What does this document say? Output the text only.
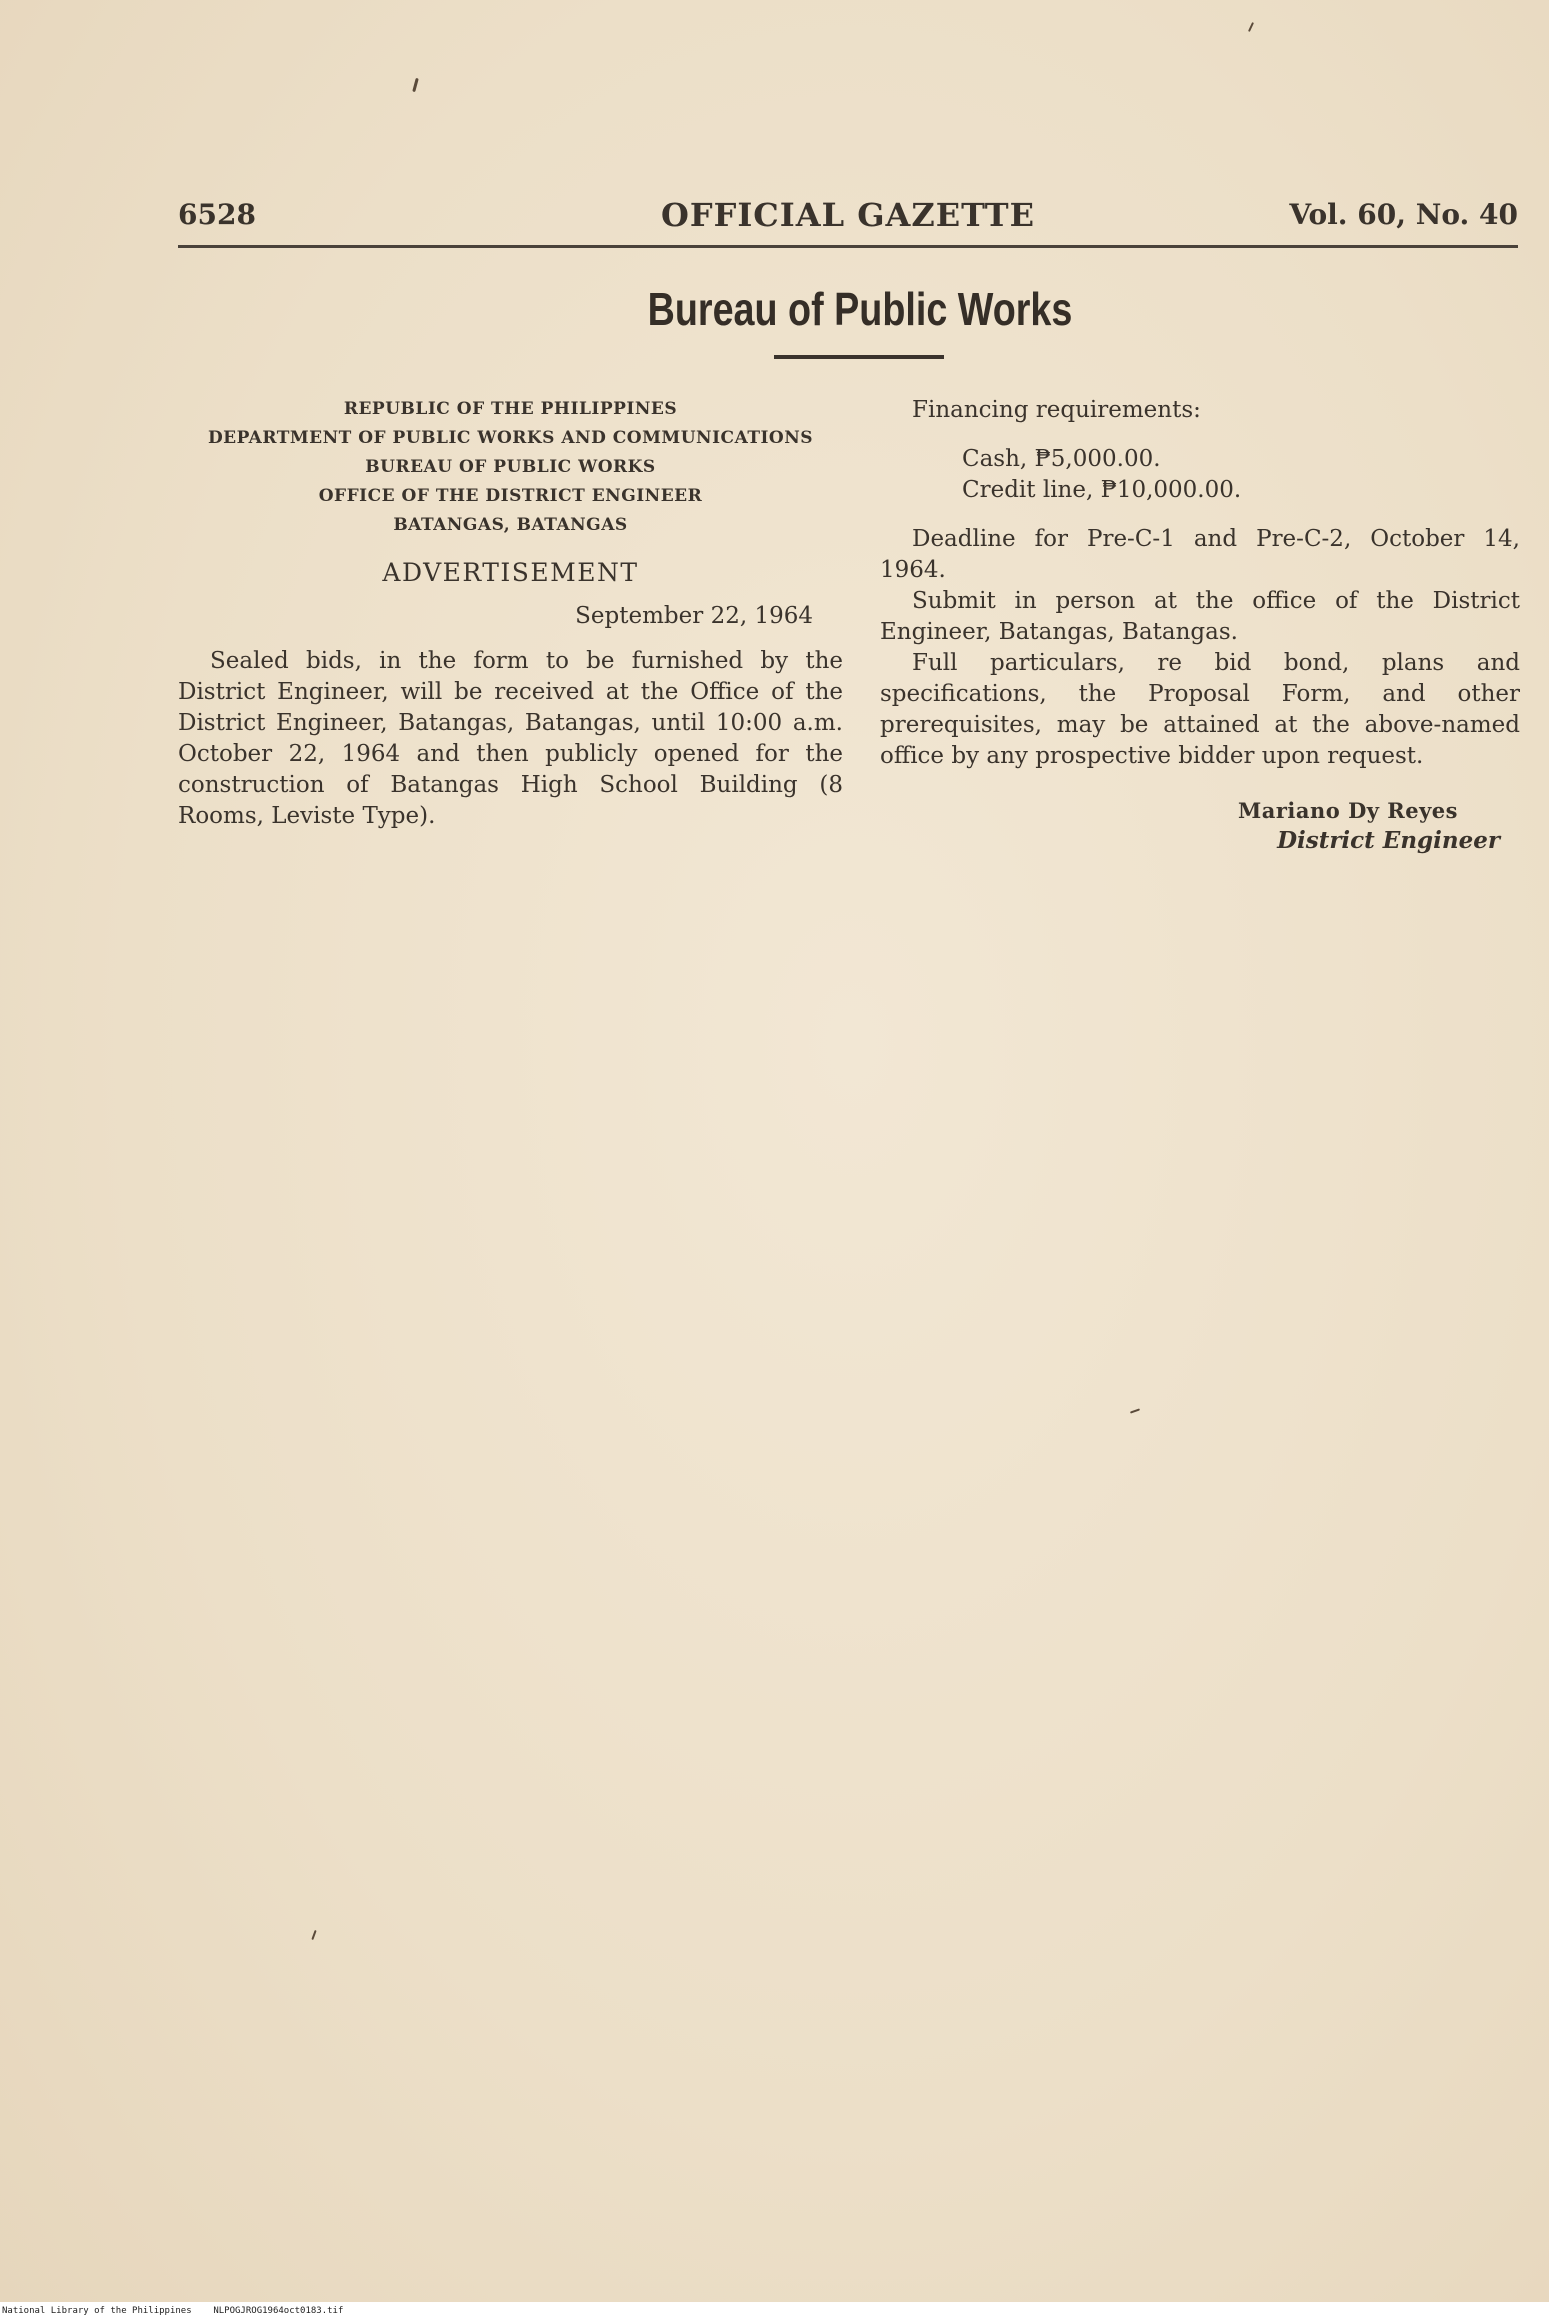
6528	OFFICIAL GAZETTE	Vol. 60, No. 40
Bureau of Public Works
REPUBLIC OF THE PHILIPPINES
DEPARTMENT OF PUBLIC WORKS AND COMMUNICATIONS
BUREAU OF PUBLIC WORKS
OFFICE OF THE DISTRICT ENGINEER
BATANGAS, BATANGAS
ADVERTISEMENT
September 22, 1964

Sealed bids, in the form to be furnished by the District Engineer, will be received at the Office of the District Engineer, Batangas, Batangas, until 10:00 a.m. October 22, 1964 and then publicly opened for the construction of Batangas High School Building (8 Rooms, Leviste Type).

Financing requirements:

Cash, ₱5,000.00.

Credit line, ₱10,000.00.

Deadline for Pre-C-1 and Pre-C-2, October 14, 1964.

Submit in person at the office of the District Engineer, Batangas, Batangas.

Full particulars, re bid bond, plans and specifications, the Proposal Form, and other prerequisites, may be attained at the above-named office by any prospective bidder upon request.

Mariano Dy Reyes
District Engineer
National Library of the Philippines NLPOGJROG1964oct0183.tif
